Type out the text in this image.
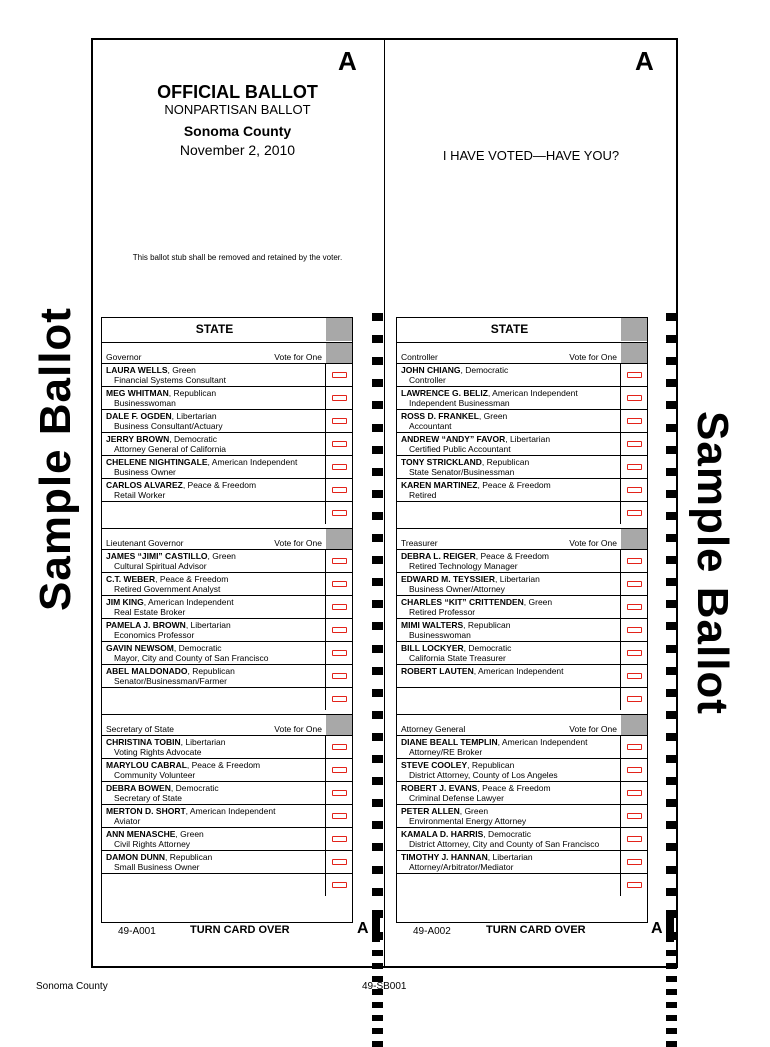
A	A
OFFICIAL BALLOT
NONPARTISAN BALLOT
Sonoma County
November 2, 2010
This ballot stub shall be removed and retained by the voter.
I HAVE VOTED—HAVE YOU?
Sample Ballot	Sample Ballot
STATE
Governor	Vote for One
LAURA WELLS, Green
Financial Systems Consultant
MEG WHITMAN, Republican
Businesswoman
DALE F. OGDEN, Libertarian
Business Consultant/Actuary
JERRY BROWN, Democratic
Attorney General of California
CHELENE NIGHTINGALE, American Independent
Business Owner
CARLOS ALVAREZ, Peace & Freedom
Retail Worker
Lieutenant Governor	Vote for One
JAMES “JIMI” CASTILLO, Green
Cultural Spiritual Advisor
C.T. WEBER, Peace & Freedom
Retired Government Analyst
JIM KING, American Independent
Real Estate Broker
PAMELA J. BROWN, Libertarian
Economics Professor
GAVIN NEWSOM, Democratic
Mayor, City and County of San Francisco
ABEL MALDONADO, Republican
Senator/Businessman/Farmer
Secretary of State	Vote for One
CHRISTINA TOBIN, Libertarian
Voting Rights Advocate
MARYLOU CABRAL, Peace & Freedom
Community Volunteer
DEBRA BOWEN, Democratic
Secretary of State
MERTON D. SHORT, American Independent
Aviator
ANN MENASCHE, Green
Civil Rights Attorney
DAMON DUNN, Republican
Small Business Owner
STATE
Controller	Vote for One
JOHN CHIANG, Democratic
Controller
LAWRENCE G. BELIZ, American Independent
Independent Businessman
ROSS D. FRANKEL, Green
Accountant
ANDREW “ANDY” FAVOR, Libertarian
Certified Public Accountant
TONY STRICKLAND, Republican
State Senator/Businessman
KAREN MARTINEZ, Peace & Freedom
Retired
Treasurer	Vote for One
DEBRA L. REIGER, Peace & Freedom
Retired Technology Manager
EDWARD M. TEYSSIER, Libertarian
Business Owner/Attorney
CHARLES “KIT” CRITTENDEN, Green
Retired Professor
MIMI WALTERS, Republican
Businesswoman
BILL LOCKYER, Democratic
California State Treasurer
ROBERT LAUTEN, American Independent
Attorney General	Vote for One
DIANE BEALL TEMPLIN, American Independent
Attorney/RE Broker
STEVE COOLEY, Republican
District Attorney, County of Los Angeles
ROBERT J. EVANS, Peace & Freedom
Criminal Defense Lawyer
PETER ALLEN, Green
Environmental Energy Attorney
KAMALA D. HARRIS, Democratic
District Attorney, City and County of San Francisco
TIMOTHY J. HANNAN, Libertarian
Attorney/Arbitrator/Mediator
49-A001	TURN CARD OVER	A	49-A002	TURN CARD OVER	A
Sonoma County	49-SB001
